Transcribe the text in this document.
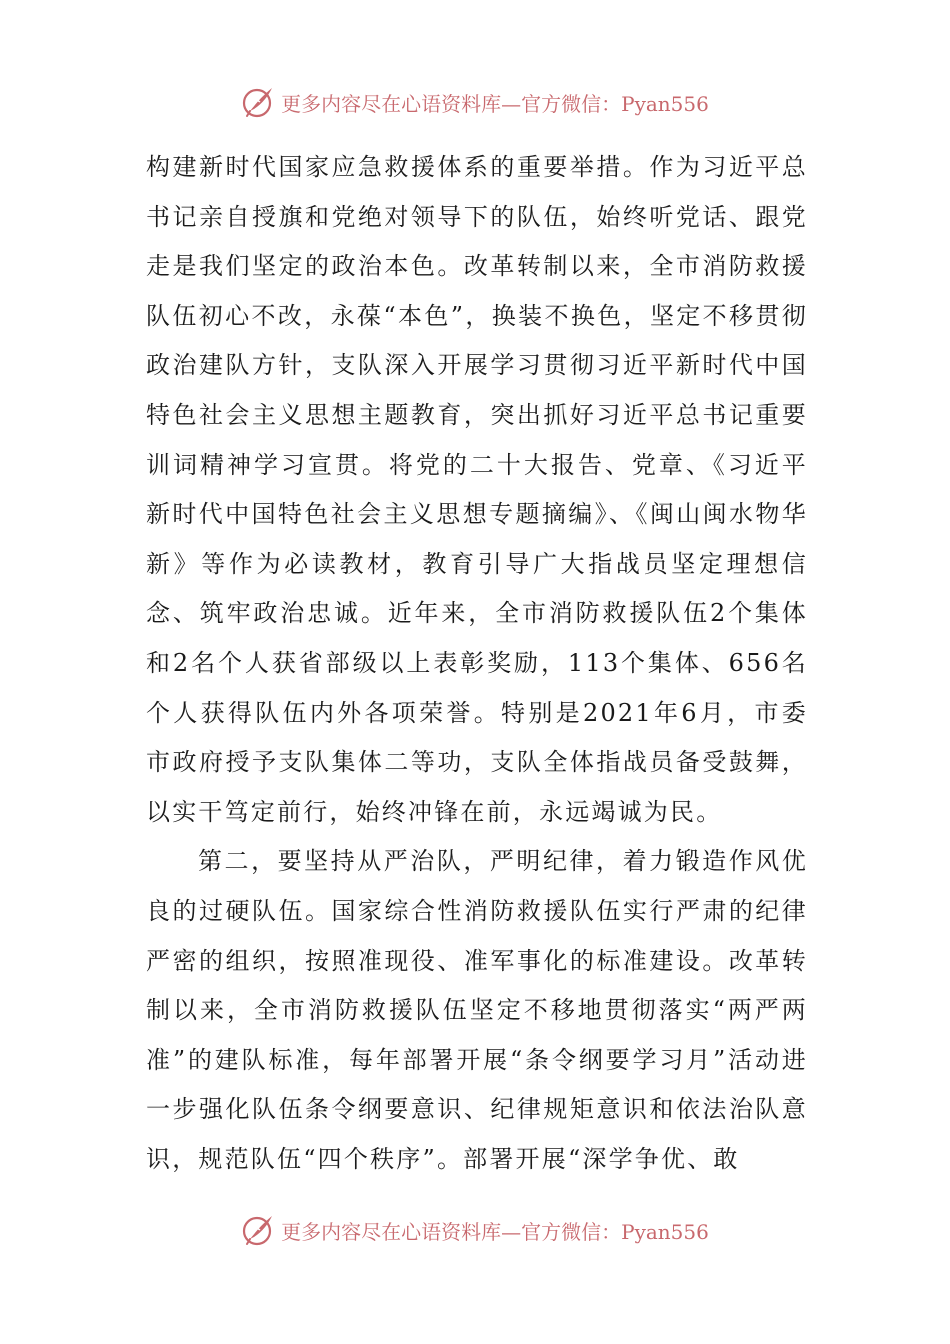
更多内容尽在心语资料库—官方微信：Pyan556

构建新时代国家应急救援体系的重要举措。作为习近平总书记亲自授旗和党绝对领导下的队伍，始终听党话、跟党走是我们坚定的政治本色。改革转制以来，全市消防救援队伍初心不改，永葆“本色”，换装不换色，坚定不移贯彻政治建队方针，支队深入开展学习贯彻习近平新时代中国特色社会主义思想主题教育，突出抓好习近平总书记重要训词精神学习宣贯。将党的二十大报告、党章、《习近平新时代中国特色社会主义思想专题摘编》、《闽山闽水物华新》等作为必读教材，教育引导广大指战员坚定理想信念、筑牢政治忠诚。近年来，全市消防救援队伍2个集体和2名个人获省部级以上表彰奖励，113个集体、656名个人获得队伍内外各项荣誉。特别是2021年6月，市委市政府授予支队集体二等功，支队全体指战员备受鼓舞，以实干笃定前行，始终冲锋在前，永远竭诚为民。

第二，要坚持从严治队，严明纪律，着力锻造作风优良的过硬队伍。国家综合性消防救援队伍实行严肃的纪律严密的组织，按照准现役、准军事化的标准建设。改革转制以来，全市消防救援队伍坚定不移地贯彻落实“两严两准”的建队标准，每年部署开展“条令纲要学习月”活动进一步强化队伍条令纲要意识、纪律规矩意识和依法治队意识，规范队伍“四个秩序”。部署开展“深学争优、敢

更多内容尽在心语资料库—官方微信：Pyan556
